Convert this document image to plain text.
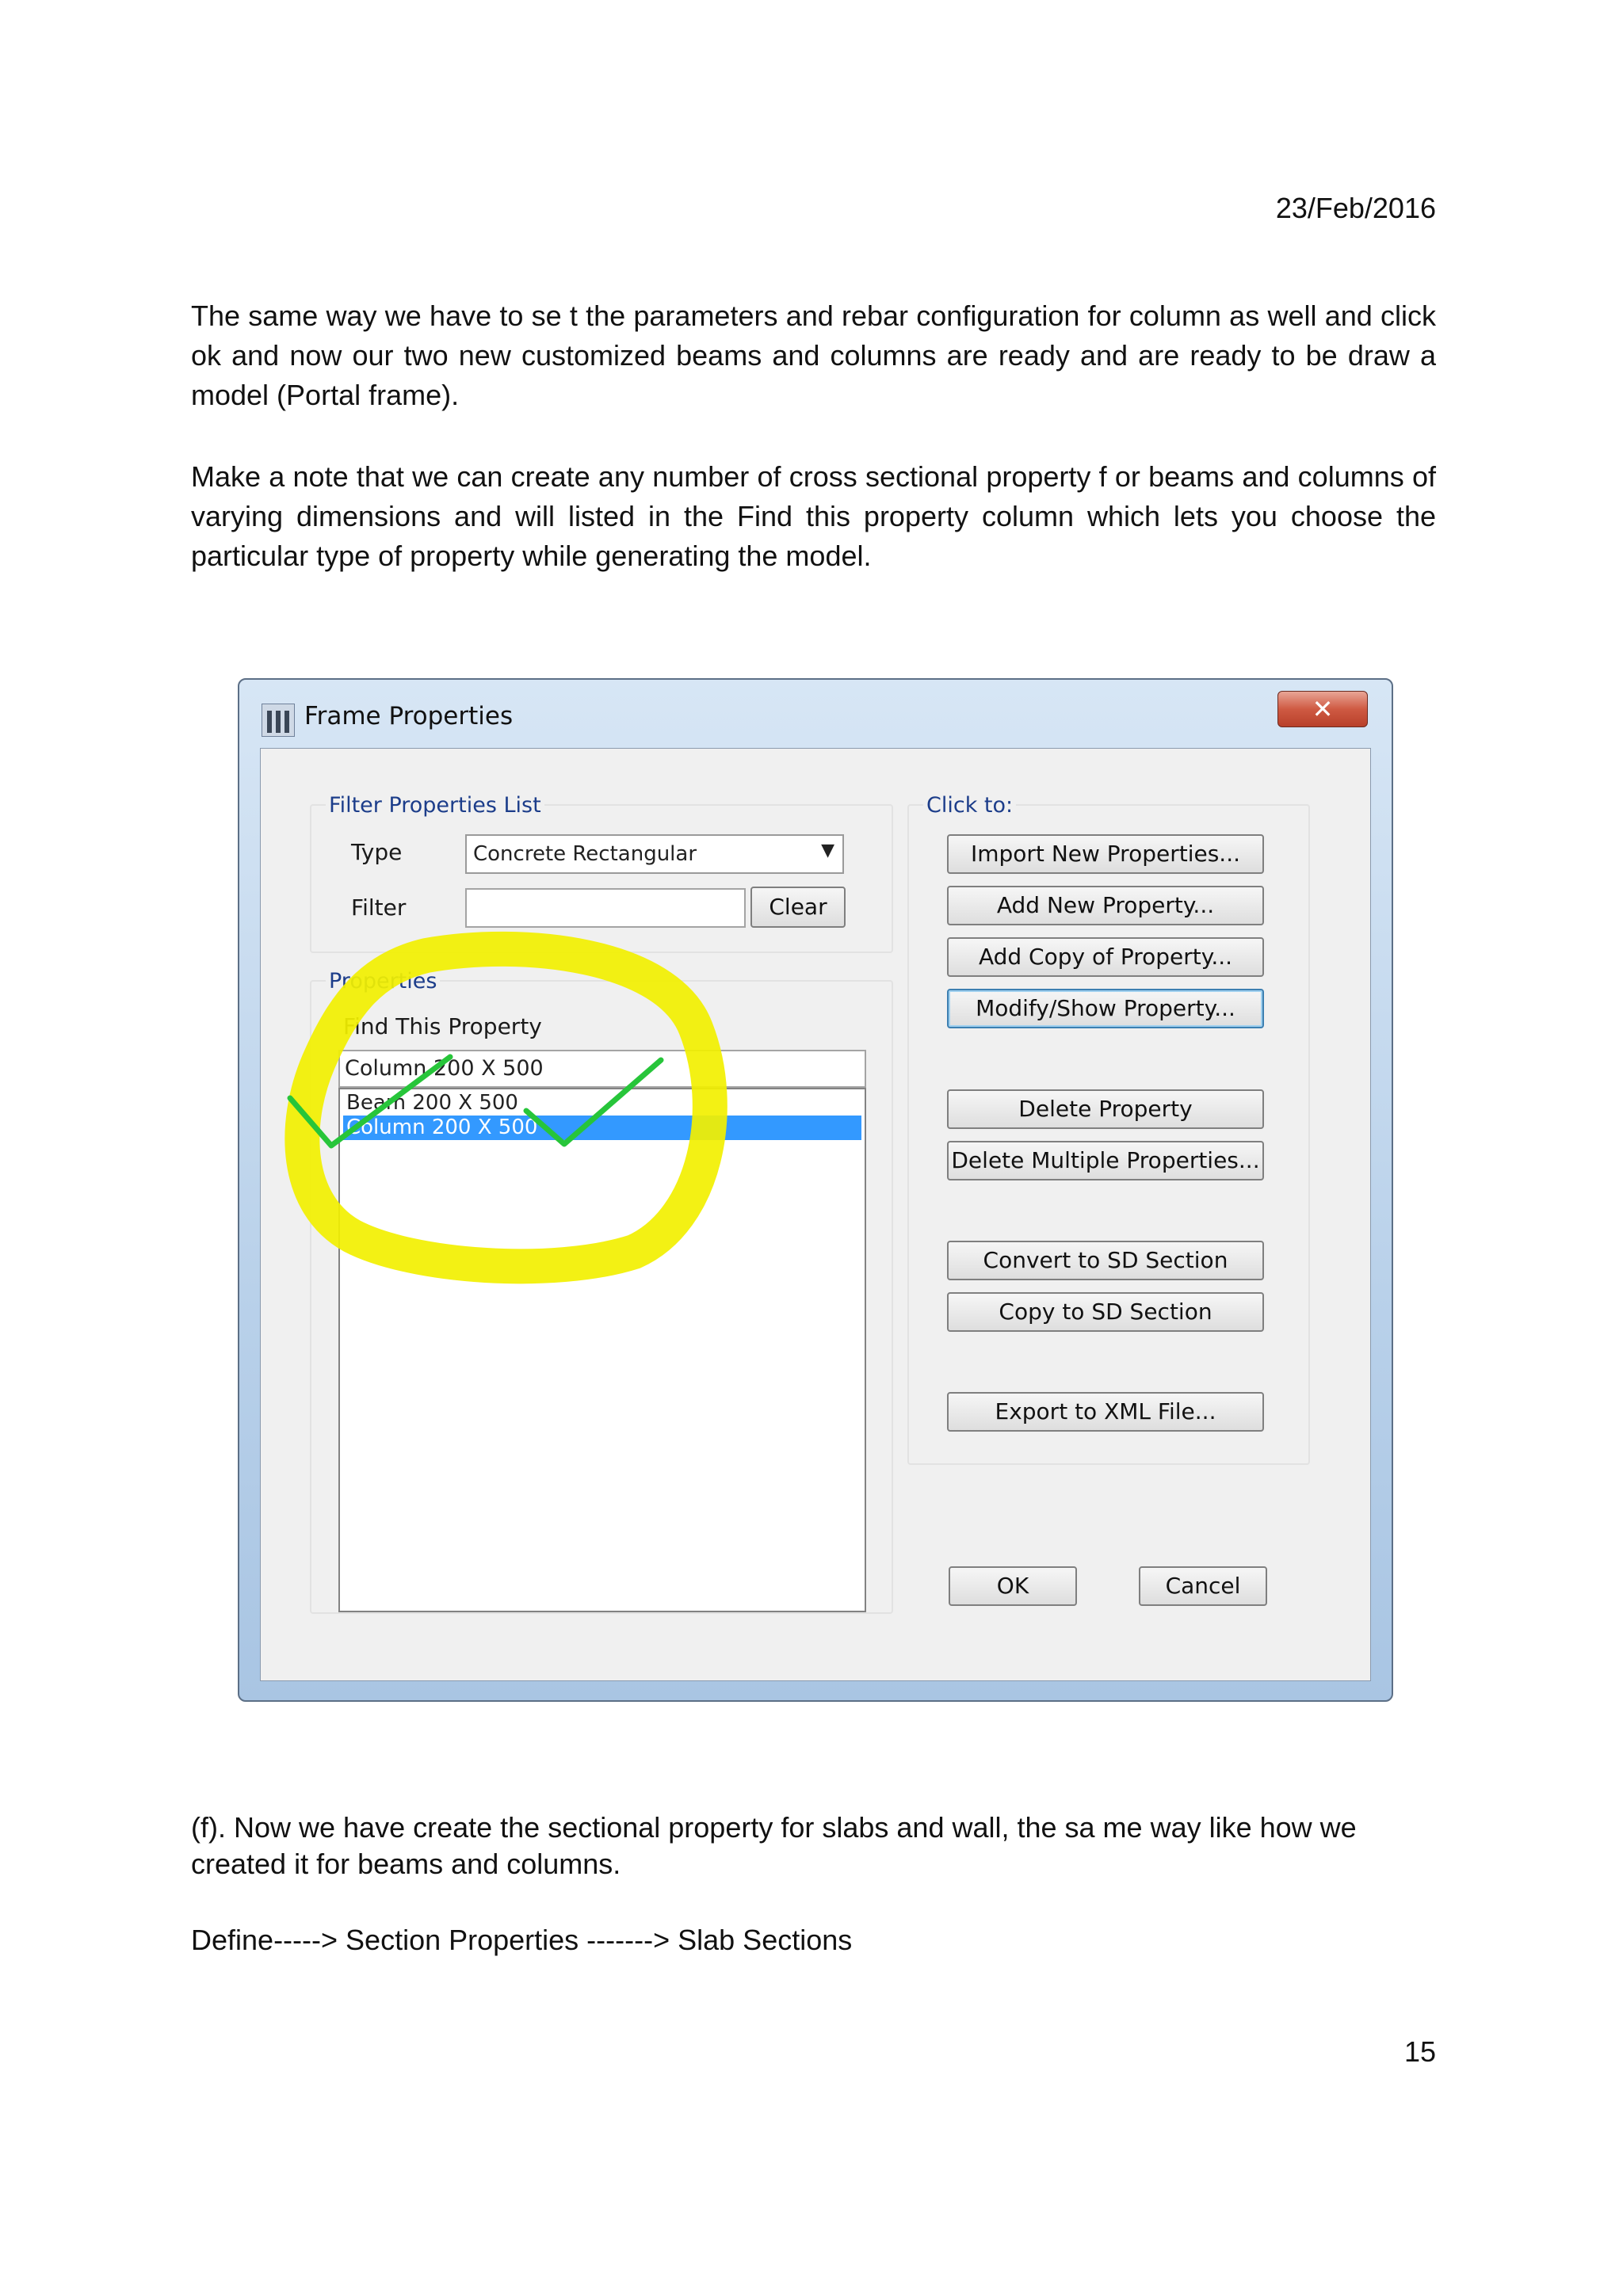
23/Feb/2016
The same way we have to se t the parameters and rebar configuration for column as well and click ok and now our two new customized beams and columns are ready and are ready to be draw a model (Portal frame).
Make a note that we can create any number of cross sectional property f or beams and columns of varying dimensions and will listed in the Find this property column which lets you choose the particular type of property while generating the model.
Frame Properties	✕
Filter Properties List
Type	Concrete Rectangular	▼
Filter	Clear
Properties
Find This Property
Column 200 X 500
Beam 200 X 500
Column 200 X 500
Click to:
Import New Properties...
Add New Property...
Add Copy of Property...
Modify/Show Property...
Delete Property
Delete Multiple Properties...
Convert to SD Section
Copy to SD Section
Export to XML File...
OK	Cancel
(f). Now we have create the sectional property for slabs and wall, the sa me way like how we created it for beams and columns.
Define-----> Section Properties -------> Slab Sections
15
